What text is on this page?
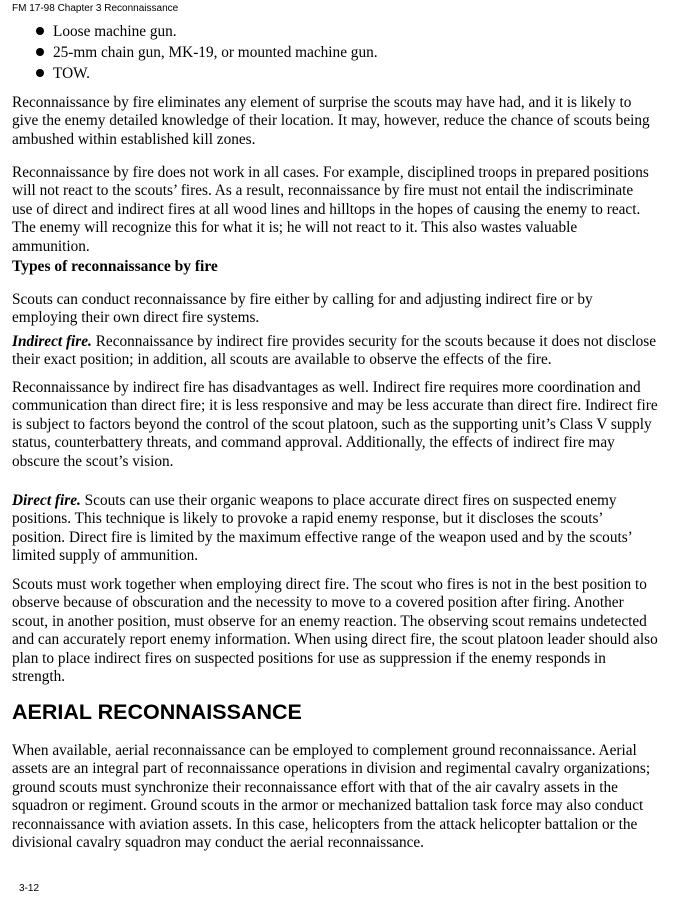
FM 17-98 Chapter 3 Reconnaissance
Loose machine gun.
25-mm chain gun, MK-19, or mounted machine gun.
TOW.
Reconnaissance by fire eliminates any element of surprise the scouts may have had, and it is likely to
give the enemy detailed knowledge of their location. It may, however, reduce the chance of scouts being
ambushed within established kill zones.
Reconnaissance by fire does not work in all cases. For example, disciplined troops in prepared positions
will not react to the scouts’ fires. As a result, reconnaissance by fire must not entail the indiscriminate
use of direct and indirect fires at all wood lines and hilltops in the hopes of causing the enemy to react.
The enemy will recognize this for what it is; he will not react to it. This also wastes valuable
ammunition.
Types of reconnaissance by fire
Scouts can conduct reconnaissance by fire either by calling for and adjusting indirect fire or by
employing their own direct fire systems.
Indirect fire. Reconnaissance by indirect fire provides security for the scouts because it does not disclose
their exact position; in addition, all scouts are available to observe the effects of the fire.
Reconnaissance by indirect fire has disadvantages as well. Indirect fire requires more coordination and
communication than direct fire; it is less responsive and may be less accurate than direct fire. Indirect fire
is subject to factors beyond the control of the scout platoon, such as the supporting unit’s Class V supply
status, counterbattery threats, and command approval. Additionally, the effects of indirect fire may
obscure the scout’s vision.
Direct fire. Scouts can use their organic weapons to place accurate direct fires on suspected enemy
positions. This technique is likely to provoke a rapid enemy response, but it discloses the scouts’
position. Direct fire is limited by the maximum effective range of the weapon used and by the scouts’
limited supply of ammunition.
Scouts must work together when employing direct fire. The scout who fires is not in the best position to
observe because of obscuration and the necessity to move to a covered position after firing. Another
scout, in another position, must observe for an enemy reaction. The observing scout remains undetected
and can accurately report enemy information. When using direct fire, the scout platoon leader should also
plan to place indirect fires on suspected positions for use as suppression if the enemy responds in
strength.
AERIAL RECONNAISSANCE
When available, aerial reconnaissance can be employed to complement ground reconnaissance. Aerial
assets are an integral part of reconnaissance operations in division and regimental cavalry organizations;
ground scouts must synchronize their reconnaissance effort with that of the air cavalry assets in the
squadron or regiment. Ground scouts in the armor or mechanized battalion task force may also conduct
reconnaissance with aviation assets. In this case, helicopters from the attack helicopter battalion or the
divisional cavalry squadron may conduct the aerial reconnaissance.
3-12
